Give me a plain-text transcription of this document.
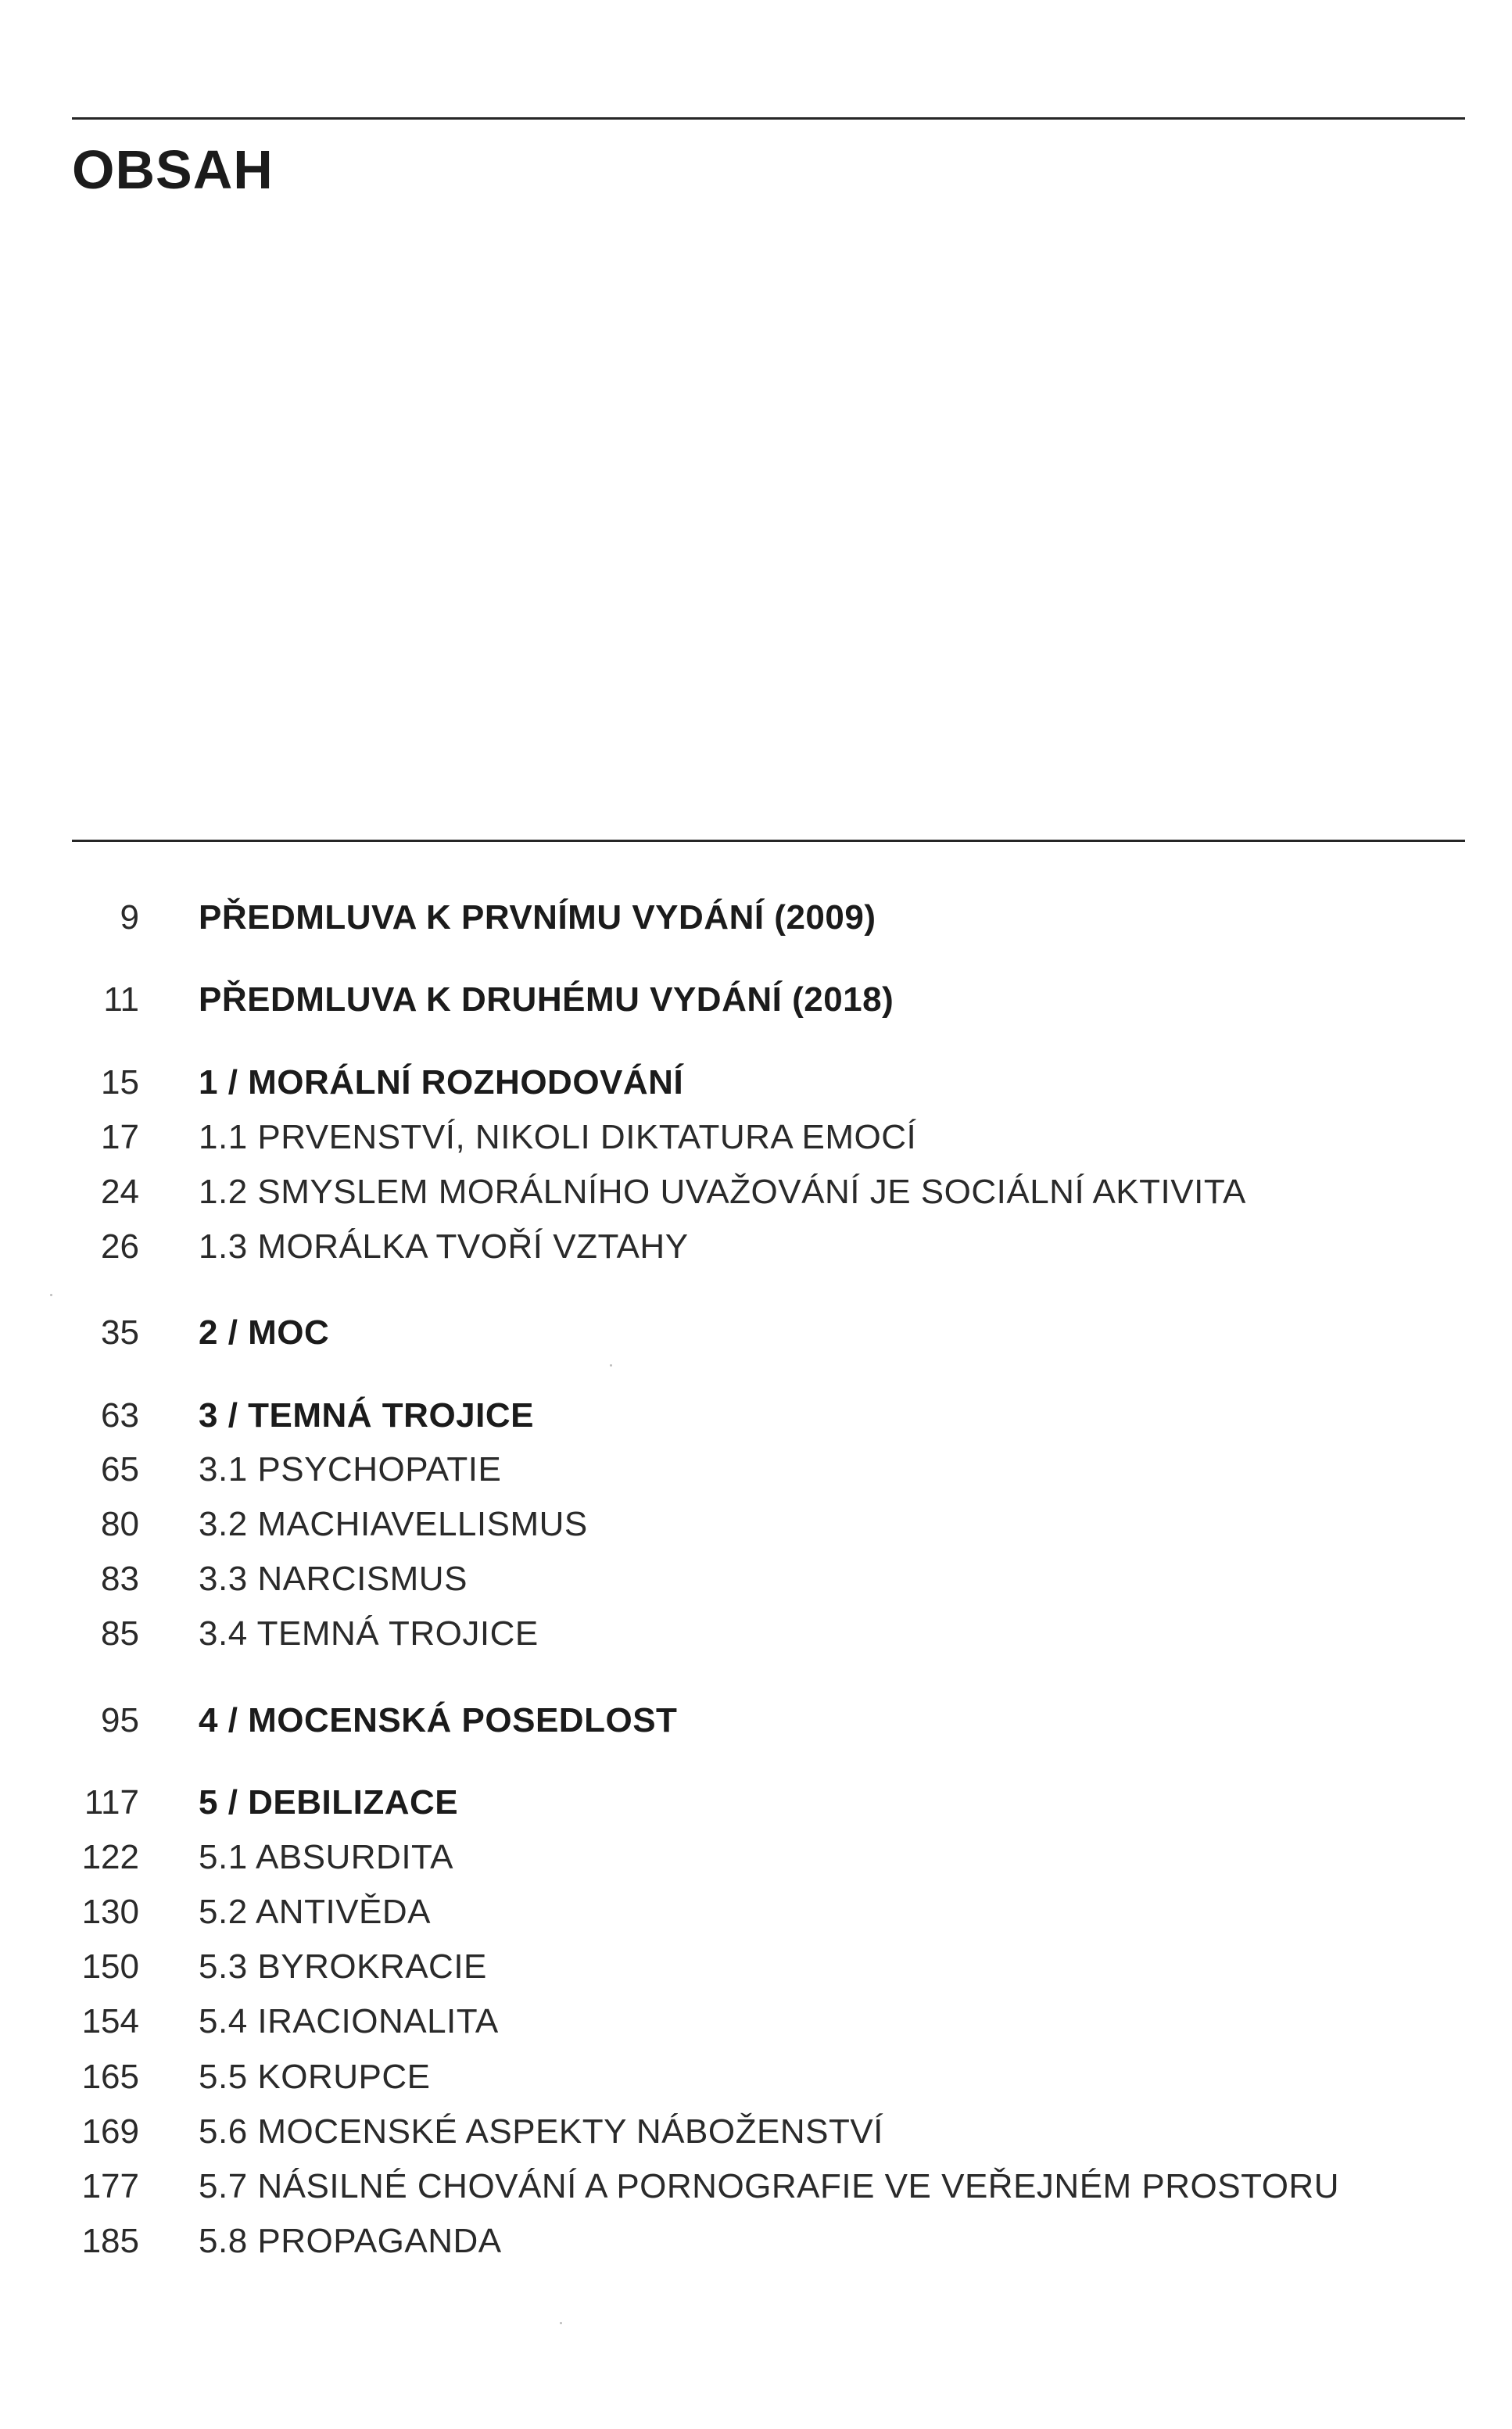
OBSAH
9 PŘEDMLUVA K PRVNÍMU VYDÁNÍ (2009)
11 PŘEDMLUVA K DRUHÉMU VYDÁNÍ (2018)
15 1 / MORÁLNÍ ROZHODOVÁNÍ
17 1.1 PRVENSTVÍ, NIKOLI DIKTATURA EMOCÍ
24 1.2 SMYSLEM MORÁLNÍHO UVAŽOVÁNÍ JE SOCIÁLNÍ AKTIVITA
26 1.3 MORÁLKA TVOŘÍ VZTAHY
35 2 / MOC
63 3 / TEMNÁ TROJICE
65 3.1 PSYCHOPATIE
80 3.2 MACHIAVELLISMUS
83 3.3 NARCISMUS
85 3.4 TEMNÁ TROJICE
95 4 / MOCENSKÁ POSEDLOST
117 5 / DEBILIZACE
122 5.1 ABSURDITA
130 5.2 ANTIVĚDA
150 5.3 BYROKRACIE
154 5.4 IRACIONALITA
165 5.5 KORUPCE
169 5.6 MOCENSKÉ ASPEKTY NÁBOŽENSTVÍ
177 5.7 NÁSILNÉ CHOVÁNÍ A PORNOGRAFIE VE VEŘEJNÉM PROSTORU
185 5.8 PROPAGANDA
